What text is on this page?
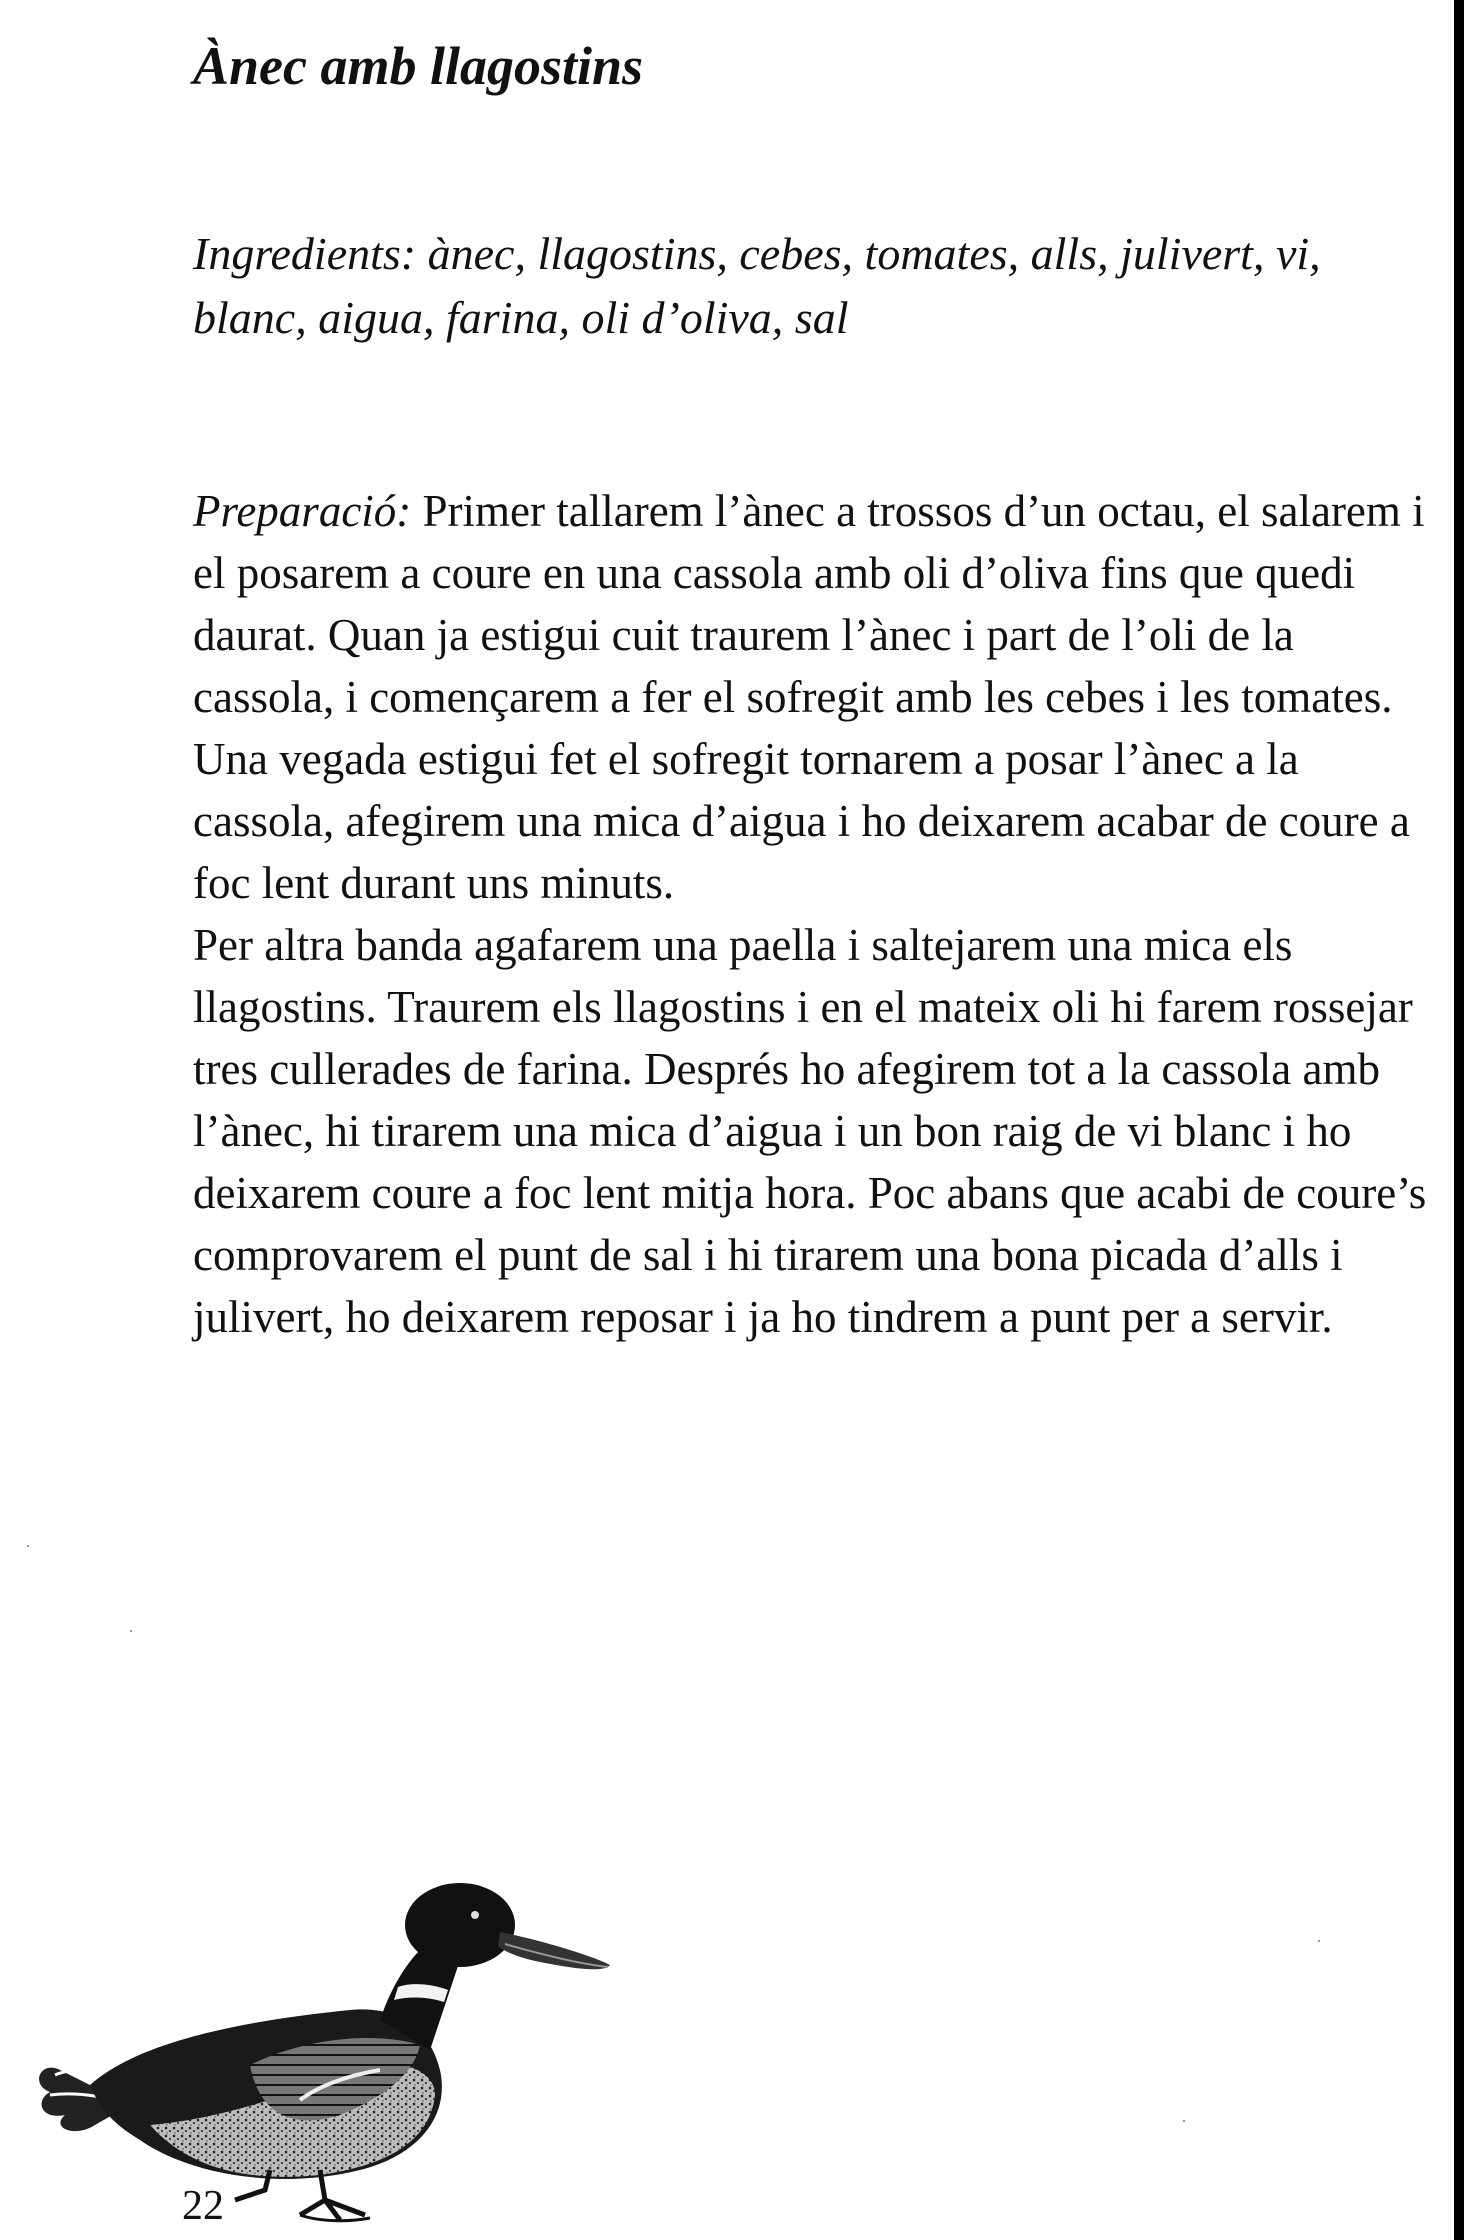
Ànec amb llagostins

Ingredients: ànec, llagostins, cebes, tomates, alls, julivert, vi, blanc, aigua, farina, oli d’oliva, sal

Preparació: Primer tallarem l’ànec a trossos d’un octau, el salarem i el posarem a coure en una cassola amb oli d’oliva fins que quedi daurat. Quan ja estigui cuit traurem l’ànec i part de l’oli de la cassola, i començarem a fer el sofregit amb les cebes i les tomates. Una vegada estigui fet el sofregit tornarem a posar l’ànec a la cassola, afegirem una mica d’aigua i ho deixarem acabar de coure a foc lent durant uns minuts.

Per altra banda agafarem una paella i saltejarem una mica els llagostins. Traurem els llagostins i en el mateix oli hi farem rossejar tres cullerades de farina. Després ho afegirem tot a la cassola amb l’ànec, hi tirarem una mica d’aigua i un bon raig de vi blanc i ho deixarem coure a foc lent mitja hora. Poc abans que acabi de coure’s comprovarem el punt de sal i hi tirarem una bona picada d’alls i julivert, ho deixarem reposar i ja ho tindrem a punt per a servir.

22
